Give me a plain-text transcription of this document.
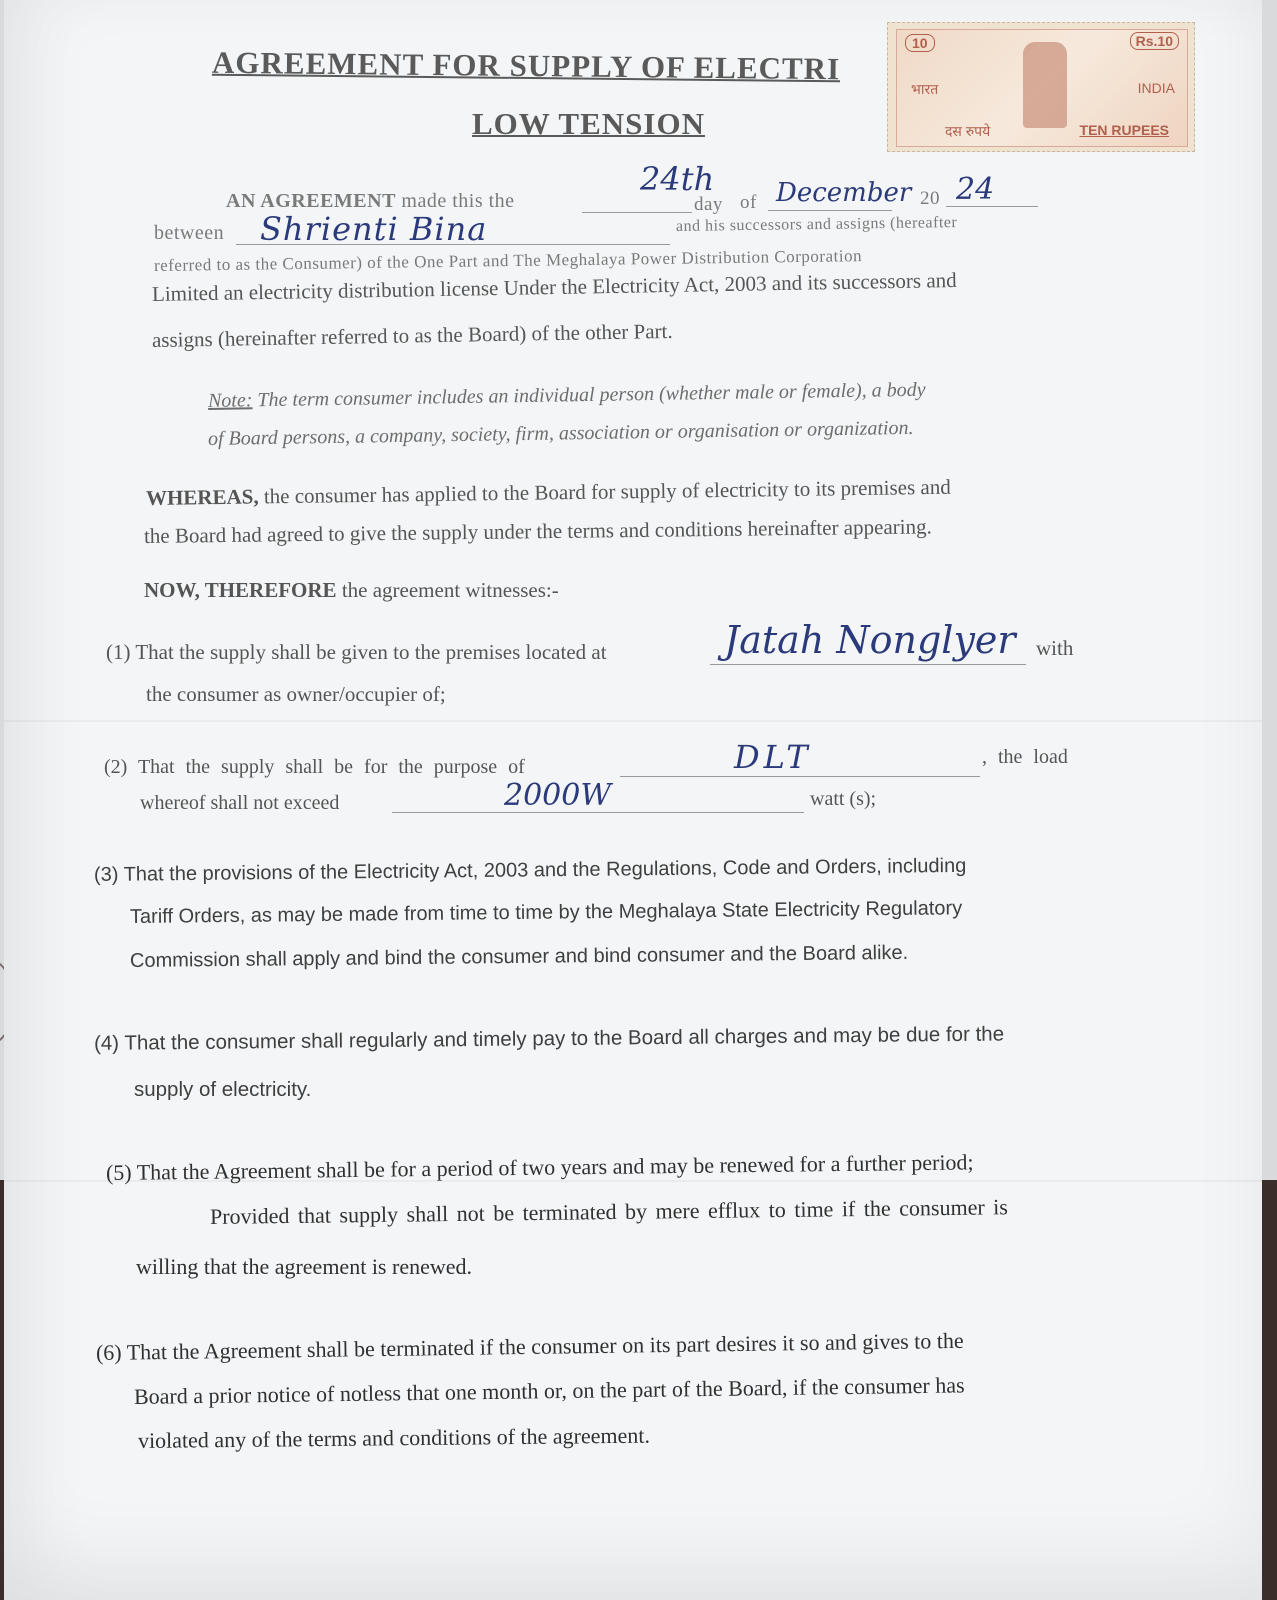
AGREEMENT FOR SUPPLY OF ELECTRI
LOW TENSION
10	Rs.10
भारत	INDIA
दस रुपये	TEN RUPEES
AN AGREEMENT made this the
24th
day of December 20 24
between Shrienti Bina	and his successors and assigns (hereafter
referred to as the Consumer) of the One Part and The Meghalaya Power Distribution Corporation
Limited an electricity distribution license Under the Electricity Act, 2003 and its successors and
assigns (hereinafter referred to as the Board) of the other Part.
Note: The term consumer includes an individual person (whether male or female), a body
of Board persons, a company, society, firm, association or organisation or organization.
WHEREAS, the consumer has applied to the Board for supply of electricity to its premises and
the Board had agreed to give the supply under the terms and conditions hereinafter appearing.
NOW, THEREFORE the agreement witnesses:-
(1) That the supply shall be given to the premises located at	Jatah Nonglyer with
the consumer as owner/occupier of;
(2) That the supply shall be for the purpose of	DLT	, the load
whereof shall not exceed	2000W	watt (s);
(3) That the provisions of the Electricity Act, 2003 and the Regulations, Code and Orders, including
Tariff Orders, as may be made from time to time by the Meghalaya State Electricity Regulatory
Commission shall apply and bind the consumer and bind consumer and the Board alike.
(4) That the consumer shall regularly and timely pay to the Board all charges and may be due for the
supply of electricity.
(5) That the Agreement shall be for a period of two years and may be renewed for a further period;
Provided that supply shall not be terminated by mere efflux to time if the consumer is
willing that the agreement is renewed.
(6) That the Agreement shall be terminated if the consumer on its part desires it so and gives to the
Board a prior notice of notless that one month or, on the part of the Board, if the consumer has
violated any of the terms and conditions of the agreement.
